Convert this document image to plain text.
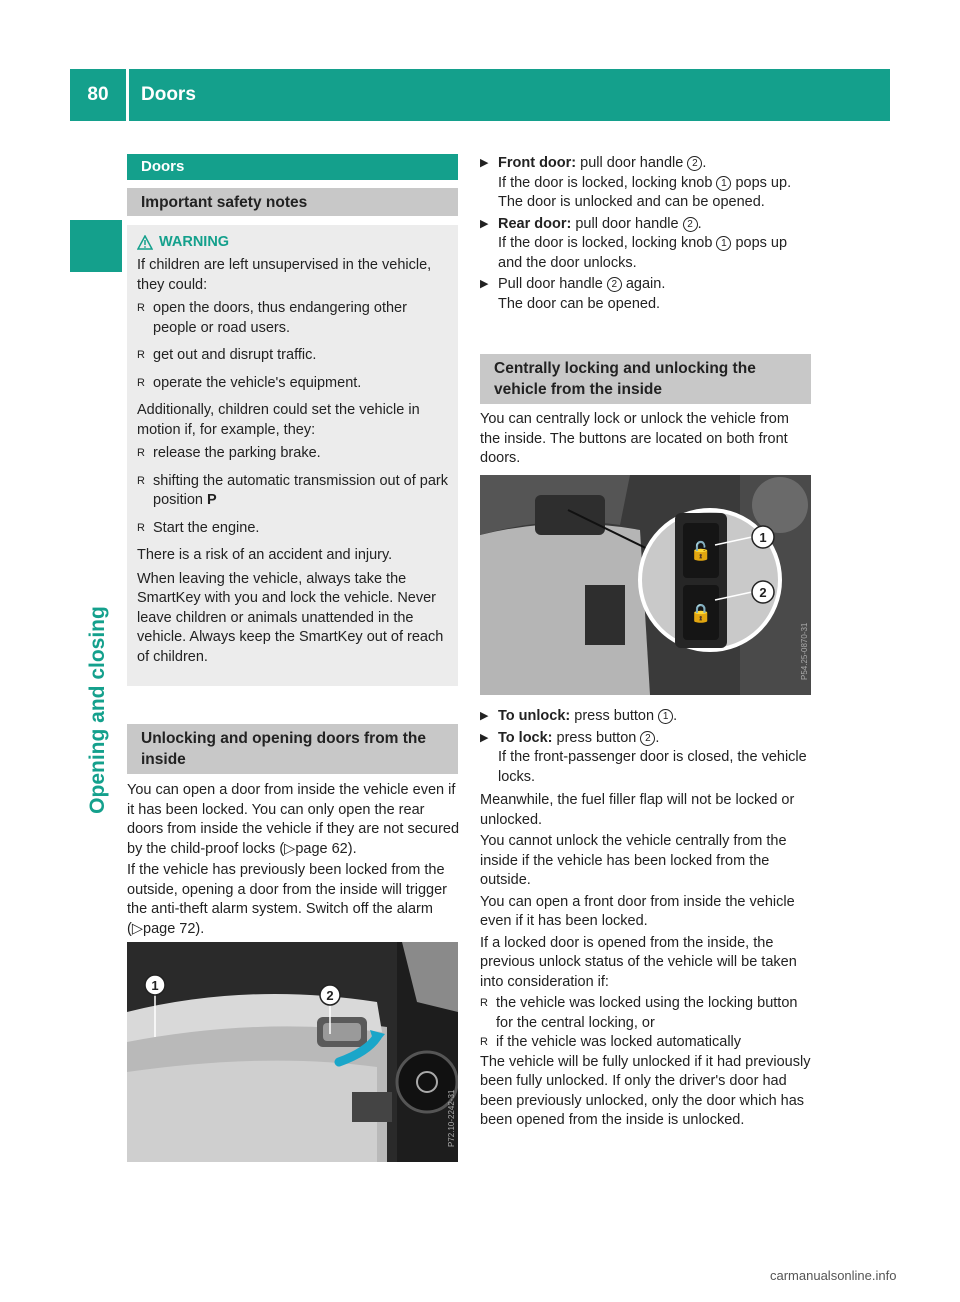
80	Doors
Opening and closing
Doors
Important safety notes
WARNING

If children are left unsupervised in the vehicle, they could:

R open the doors, thus endangering other people or road users.

R get out and disrupt traffic.

R operate the vehicle's equipment.

Additionally, children could set the vehicle in motion if, for example, they:

R release the parking brake.

R shifting the automatic transmission out of park position P

R Start the engine.

There is a risk of an accident and injury.

When leaving the vehicle, always take the SmartKey with you and lock the vehicle. Never leave children or animals unattended in the vehicle. Always keep the SmartKey out of reach of children.

Unlocking and opening doors from the inside

You can open a door from inside the vehicle even if it has been locked. You can only open the rear doors from inside the vehicle if they are not secured by the child-proof locks (▷page 62).

If the vehicle has previously been locked from the outside, opening a door from the inside will trigger the anti-theft alarm system. Switch off the alarm (▷page 72).

1
2
P72.10-2242-31
▶ Front door: pull door handle 2 .

If the door is locked, locking knob 1 pops up. The door is unlocked and can be opened.

▶ Rear door: pull door handle 2 .

If the door is locked, locking knob 1 pops up and the door unlocks.

▶ Pull door handle 2 again.

The door can be opened.

Centrally locking and unlocking the vehicle from the inside

You can centrally lock or unlock the vehicle from the inside. The buttons are located on both front doors.

🔓
🔒
1
2
P54.25-0870-31
▶ To unlock: press button 1 .

▶ To lock: press button 2 .

If the front-passenger door is closed, the vehicle locks.

Meanwhile, the fuel filler flap will not be locked or unlocked.

You cannot unlock the vehicle centrally from the inside if the vehicle has been locked from the outside.

You can open a front door from inside the vehicle even if it has been locked.

If a locked door is opened from the inside, the previous unlock status of the vehicle will be taken into consideration if:

R the vehicle was locked using the locking button for the central locking, or

R if the vehicle was locked automatically

The vehicle will be fully unlocked if it had previously been fully unlocked. If only the driver's door had been previously unlocked, only the door which has been opened from the inside is unlocked.

carmanualsonline.info
